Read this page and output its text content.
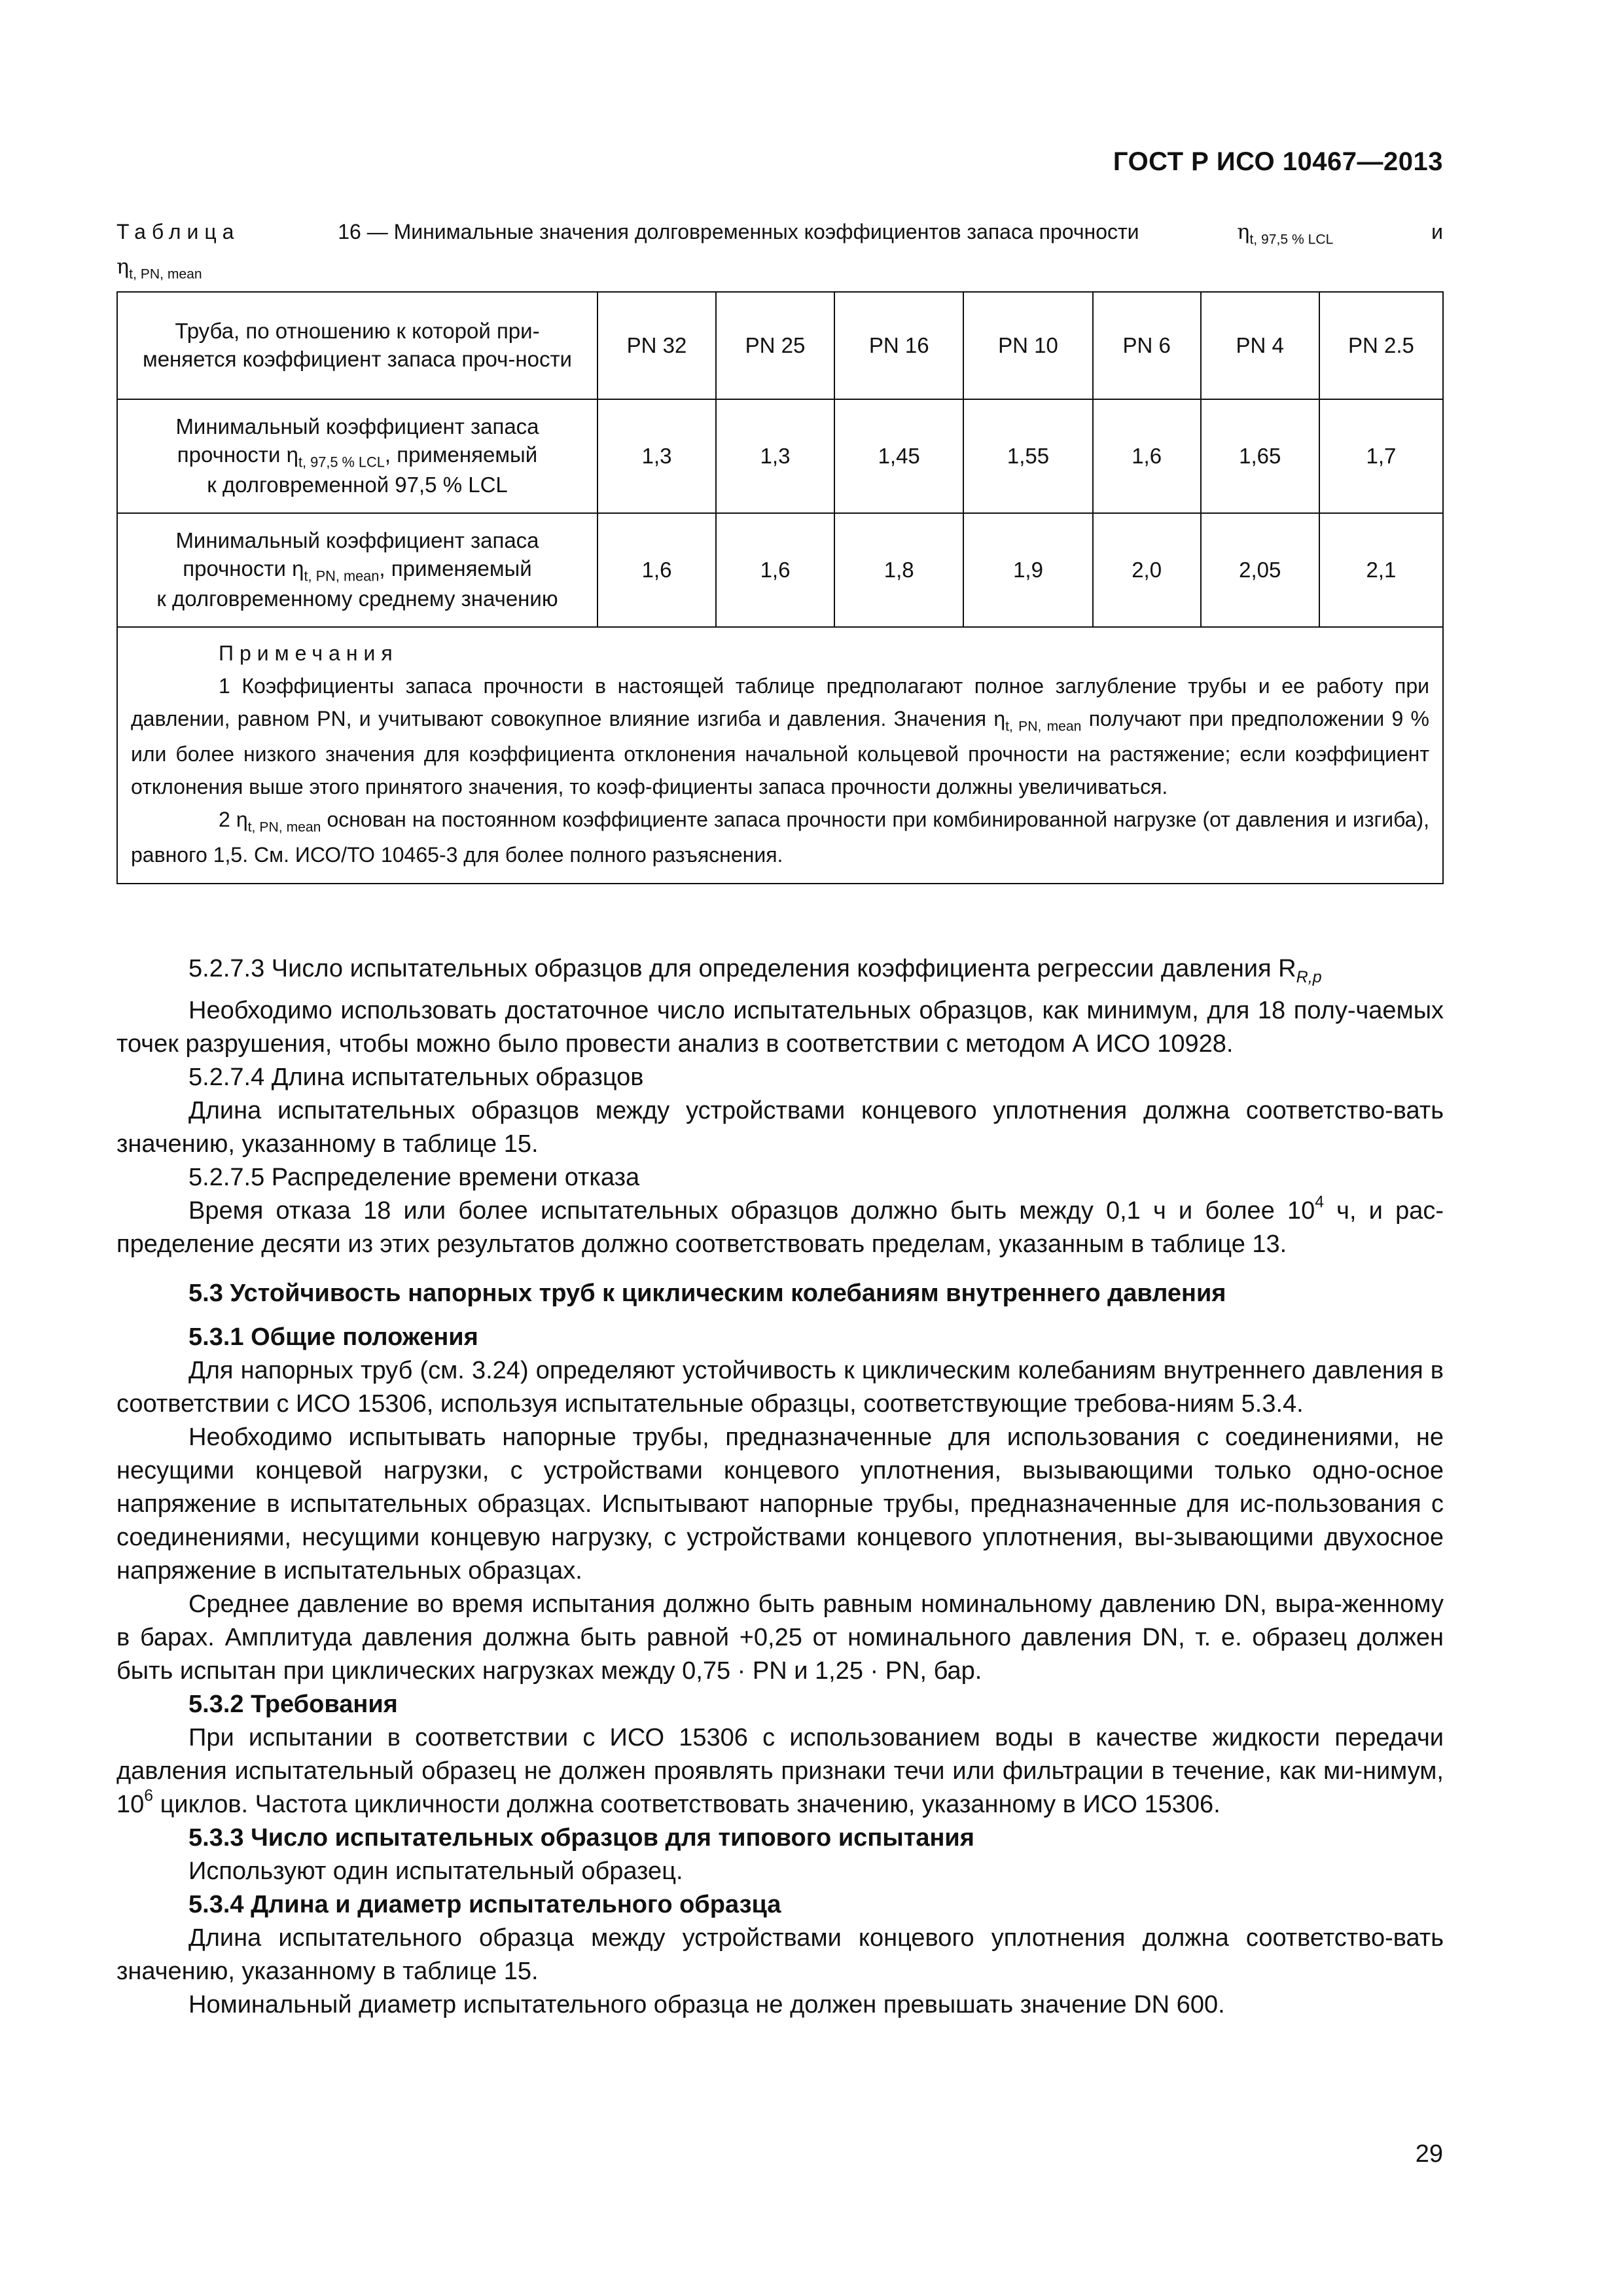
ГОСТ Р ИСО 10467—2013
Таблица	16 — Минимальные значения долговременных коэффициентов запаса прочности	$\eta_{t, 97,5 \% LCL}$	и
$\eta_{t, PN, mean}$
Труба, по отношению к которой при-меняется коэффициент запаса проч-ности	PN 32	PN 25	PN 16	PN 10	PN 6	PN 4	PN 2.5

Минимальный коэффициент запаса
прочности $\eta_{t, 97,5 \% LCL}$, применяемый
к долговременной 97,5 % LCL	1,3	1,3	1,45	1,55	1,6	1,65	1,7

Минимальный коэффициент запаса
прочности $\eta_{t, PN, mean}$, применяемый
к долговременному среднему значению	1,6	1,6	1,8	1,9	2,0	2,05	2,1

Примечания
1 Коэффициенты запаса прочности в настоящей таблице предполагают полное заглубление трубы и ее работу при давлении, равном PN, и учитывают совокупное влияние изгиба и давления. Значения $\eta_{t, PN, mean}$ получают при предположении 9 % или более низкого значения для коэффициента отклонения начальной кольцевой прочности на растяжение; если коэффициент отклонения выше этого принятого значения, то коэф-фициенты запаса прочности должны увеличиваться.
2 $\eta_{t, PN, mean}$ основан на постоянном коэффициенте запаса прочности при комбинированной нагрузке (от давления и изгиба), равного 1,5. См. ИСО/ТО 10465-3 для более полного разъяснения.							

5.2.7.3 Число испытательных образцов для определения коэффициента регрессии давления $R_{R,p}$

Необходимо использовать достаточное число испытательных образцов, как минимум, для 18 полу-чаемых точек разрушения, чтобы можно было провести анализ в соответствии с методом А ИСО 10928.

5.2.7.4 Длина испытательных образцов

Длина испытательных образцов между устройствами концевого уплотнения должна соответство-вать значению, указанному в таблице 15.

5.2.7.5 Распределение времени отказа

Время отказа 18 или более испытательных образцов должно быть между 0,1 ч и более $10^4$ ч, и рас-пределение десяти из этих результатов должно соответствовать пределам, указанным в таблице 13.

5.3 Устойчивость напорных труб к циклическим колебаниям внутреннего давления

5.3.1 Общие положения

Для напорных труб (см. 3.24) определяют устойчивость к циклическим колебаниям внутреннего давления в соответствии с ИСО 15306, используя испытательные образцы, соответствующие требова-ниям 5.3.4.

Необходимо испытывать напорные трубы, предназначенные для использования с соединениями, не несущими концевой нагрузки, с устройствами концевого уплотнения, вызывающими только одно-осное напряжение в испытательных образцах. Испытывают напорные трубы, предназначенные для ис-пользования с соединениями, несущими концевую нагрузку, с устройствами концевого уплотнения, вы-зывающими двухосное напряжение в испытательных образцах.

Среднее давление во время испытания должно быть равным номинальному давлению DN, выра-женному в барах. Амплитуда давления должна быть равной +0,25 от номинального давления DN, т. е. образец должен быть испытан при циклических нагрузках между 0,75 · PN и 1,25 · PN, бар.

5.3.2 Требования

При испытании в соответствии с ИСО 15306 с использованием воды в качестве жидкости передачи давления испытательный образец не должен проявлять признаки течи или фильтрации в течение, как ми-нимум, $10^6$ циклов. Частота цикличности должна соответствовать значению, указанному в ИСО 15306.

5.3.3 Число испытательных образцов для типового испытания

Используют один испытательный образец.

5.3.4 Длина и диаметр испытательного образца

Длина испытательного образца между устройствами концевого уплотнения должна соответство-вать значению, указанному в таблице 15.

Номинальный диаметр испытательного образца не должен превышать значение DN 600.

29
